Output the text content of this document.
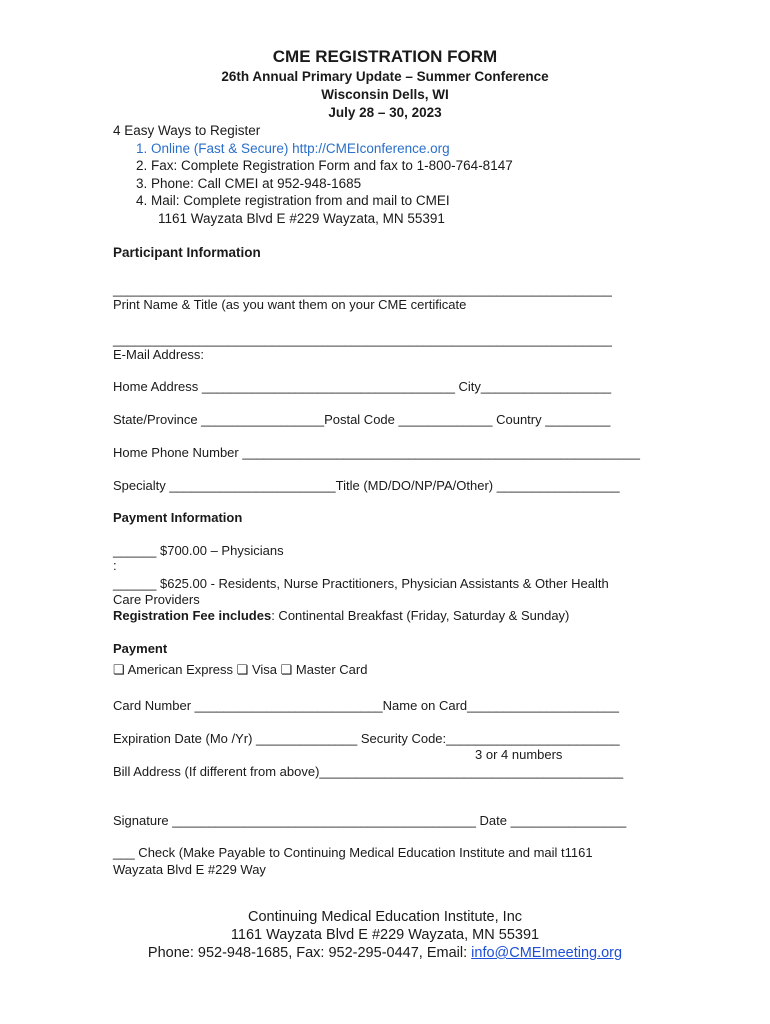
CME REGISTRATION FORM
26th Annual Primary Update – Summer Conference
Wisconsin Dells, WI
July 28 – 30, 2023
4 Easy Ways to Register
1. Online (Fast & Secure) http://CMEIconference.org
2. Fax: Complete Registration Form and fax to 1-800-764-8147
3. Phone: Call CMEI at 952-948-1685
4. Mail: Complete registration from and mail to CMEI
1161 Wayzata Blvd E #229 Wayzata, MN 55391
Participant Information
_____________________________________________________________________
Print Name & Title (as you want them on your CME certificate
_____________________________________________________________________
E-Mail Address:
Home Address ___________________________________ City__________________
State/Province _________________Postal Code _____________ Country _________
Home Phone Number _______________________________________________________
Specialty _______________________Title (MD/DO/NP/PA/Other) _________________
Payment Information
______ $700.00 – Physicians
:
______ $625.00 - Residents, Nurse Practitioners, Physician Assistants & Other Health
Care Providers
Registration Fee includes: Continental Breakfast (Friday, Saturday & Sunday)
Payment
❏ American Express ❏ Visa ❏ Master Card
Card Number __________________________Name on Card_____________________
Expiration Date (Mo /Yr) ______________ Security Code:________________________
3 or 4 numbers
Bill Address (If different from above)__________________________________________
Signature __________________________________________ Date ________________
___ Check (Make Payable to Continuing Medical Education Institute and mail t1161
Wayzata Blvd E #229 Way
Continuing Medical Education Institute, Inc
1161 Wayzata Blvd E #229 Wayzata, MN 55391
Phone: 952-948-1685, Fax: 952-295-0447, Email: info@CMEImeeting.org
